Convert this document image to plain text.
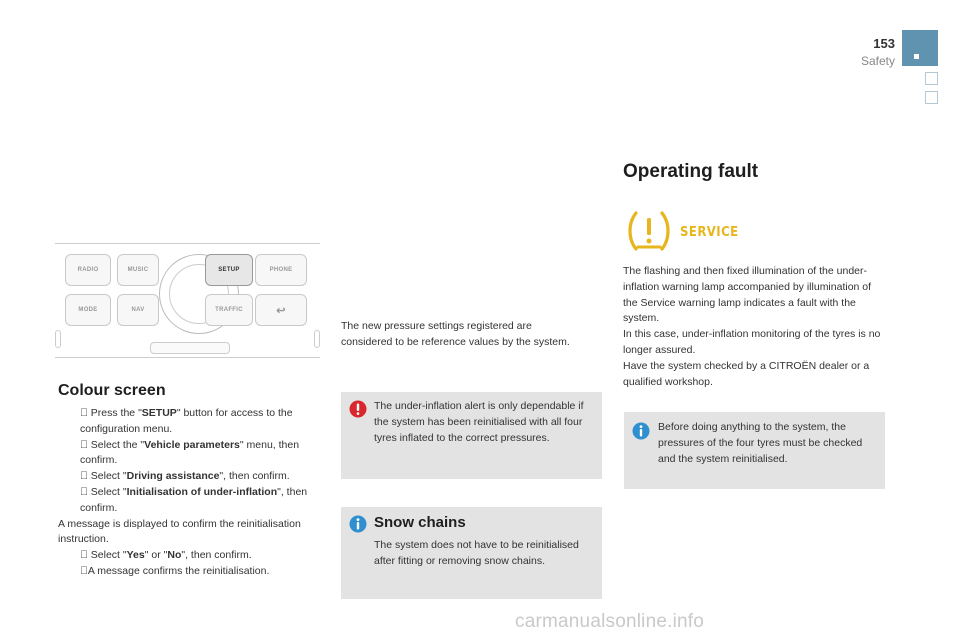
153
Safety
RADIO	MUSIC	PHONE
MODE	NAV
SETUP
TRAFFIC	↩
Colour screen

Press the "SETUP" button for access to the configuration menu.

Select the "Vehicle parameters" menu, then confirm.

Select "Driving assistance", then confirm.

Select "Initialisation of under-inflation", then confirm.
A message is displayed to confirm the reinitialisation instruction.

Select "Yes" or "No", then confirm.
A message confirms the reinitialisation.
The new pressure settings registered are considered to be reference values by the system.
The under-inflation alert is only dependable if the system has been reinitialised with all four tyres inflated to the correct pressures.
Snow chains
The system does not have to be reinitialised after fitting or removing snow chains.
Operating fault
SERVICE
The flashing and then fixed illumination of the under-inflation warning lamp accompanied by illumination of the Service warning lamp indicates a fault with the system.
In this case, under-inflation monitoring of the tyres is no longer assured.
Have the system checked by a CITROËN dealer or a qualified workshop.
Before doing anything to the system, the pressures of the four tyres must be checked and the system reinitialised.
carmanualsonline.info
